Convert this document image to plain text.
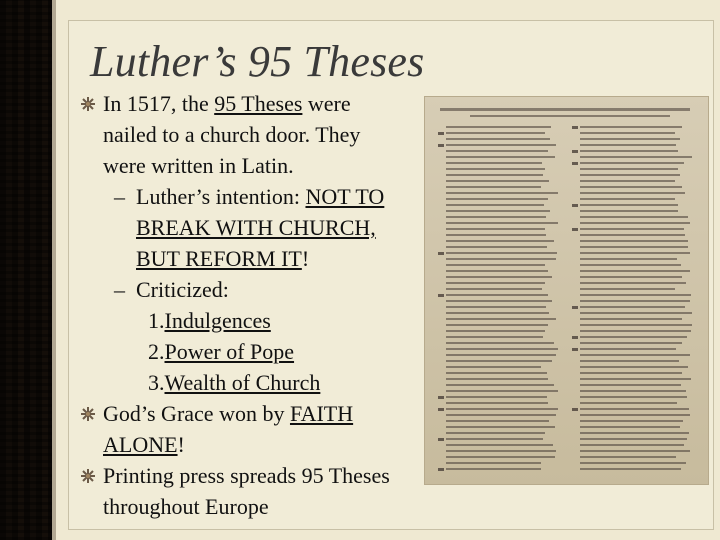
Luther’s 95 Theses
In 1517, the 95 Theses were
nailed to a church door. They
were written in Latin.
– Luther’s intention: NOT TO
BREAK WITH CHURCH,
BUT REFORM IT!
– Criticized:
1.Indulgences
2.Power of Pope
3.Wealth of Church
God’s Grace won by FAITH
ALONE!
Printing press spreads 95 Theses
throughout Europe
